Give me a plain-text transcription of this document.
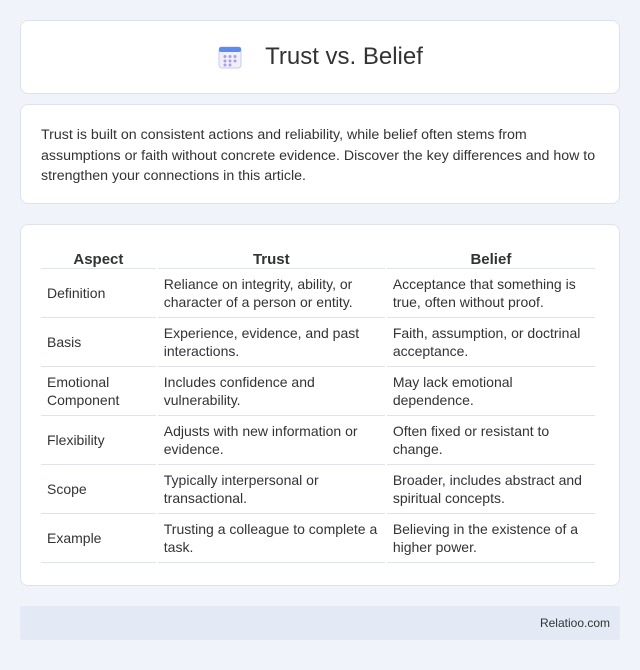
Trust vs. Belief

Trust is built on consistent actions and reliability, while belief often stems from assumptions or faith without concrete evidence. Discover the key differences and how to strengthen your connections in this article.

Aspect	Trust	Belief
Definition	Reliance on integrity, ability, or character of a person or entity.	Acceptance that something is true, often without proof.
Basis	Experience, evidence, and past interactions.	Faith, assumption, or doctrinal acceptance.
Emotional Component	Includes confidence and vulnerability.	May lack emotional dependence.
Flexibility	Adjusts with new information or evidence.	Often fixed or resistant to change.
Scope	Typically interpersonal or transactional.	Broader, includes abstract and spiritual concepts.
Example	Trusting a colleague to complete a task.	Believing in the existence of a higher power.
Relatioo.com
